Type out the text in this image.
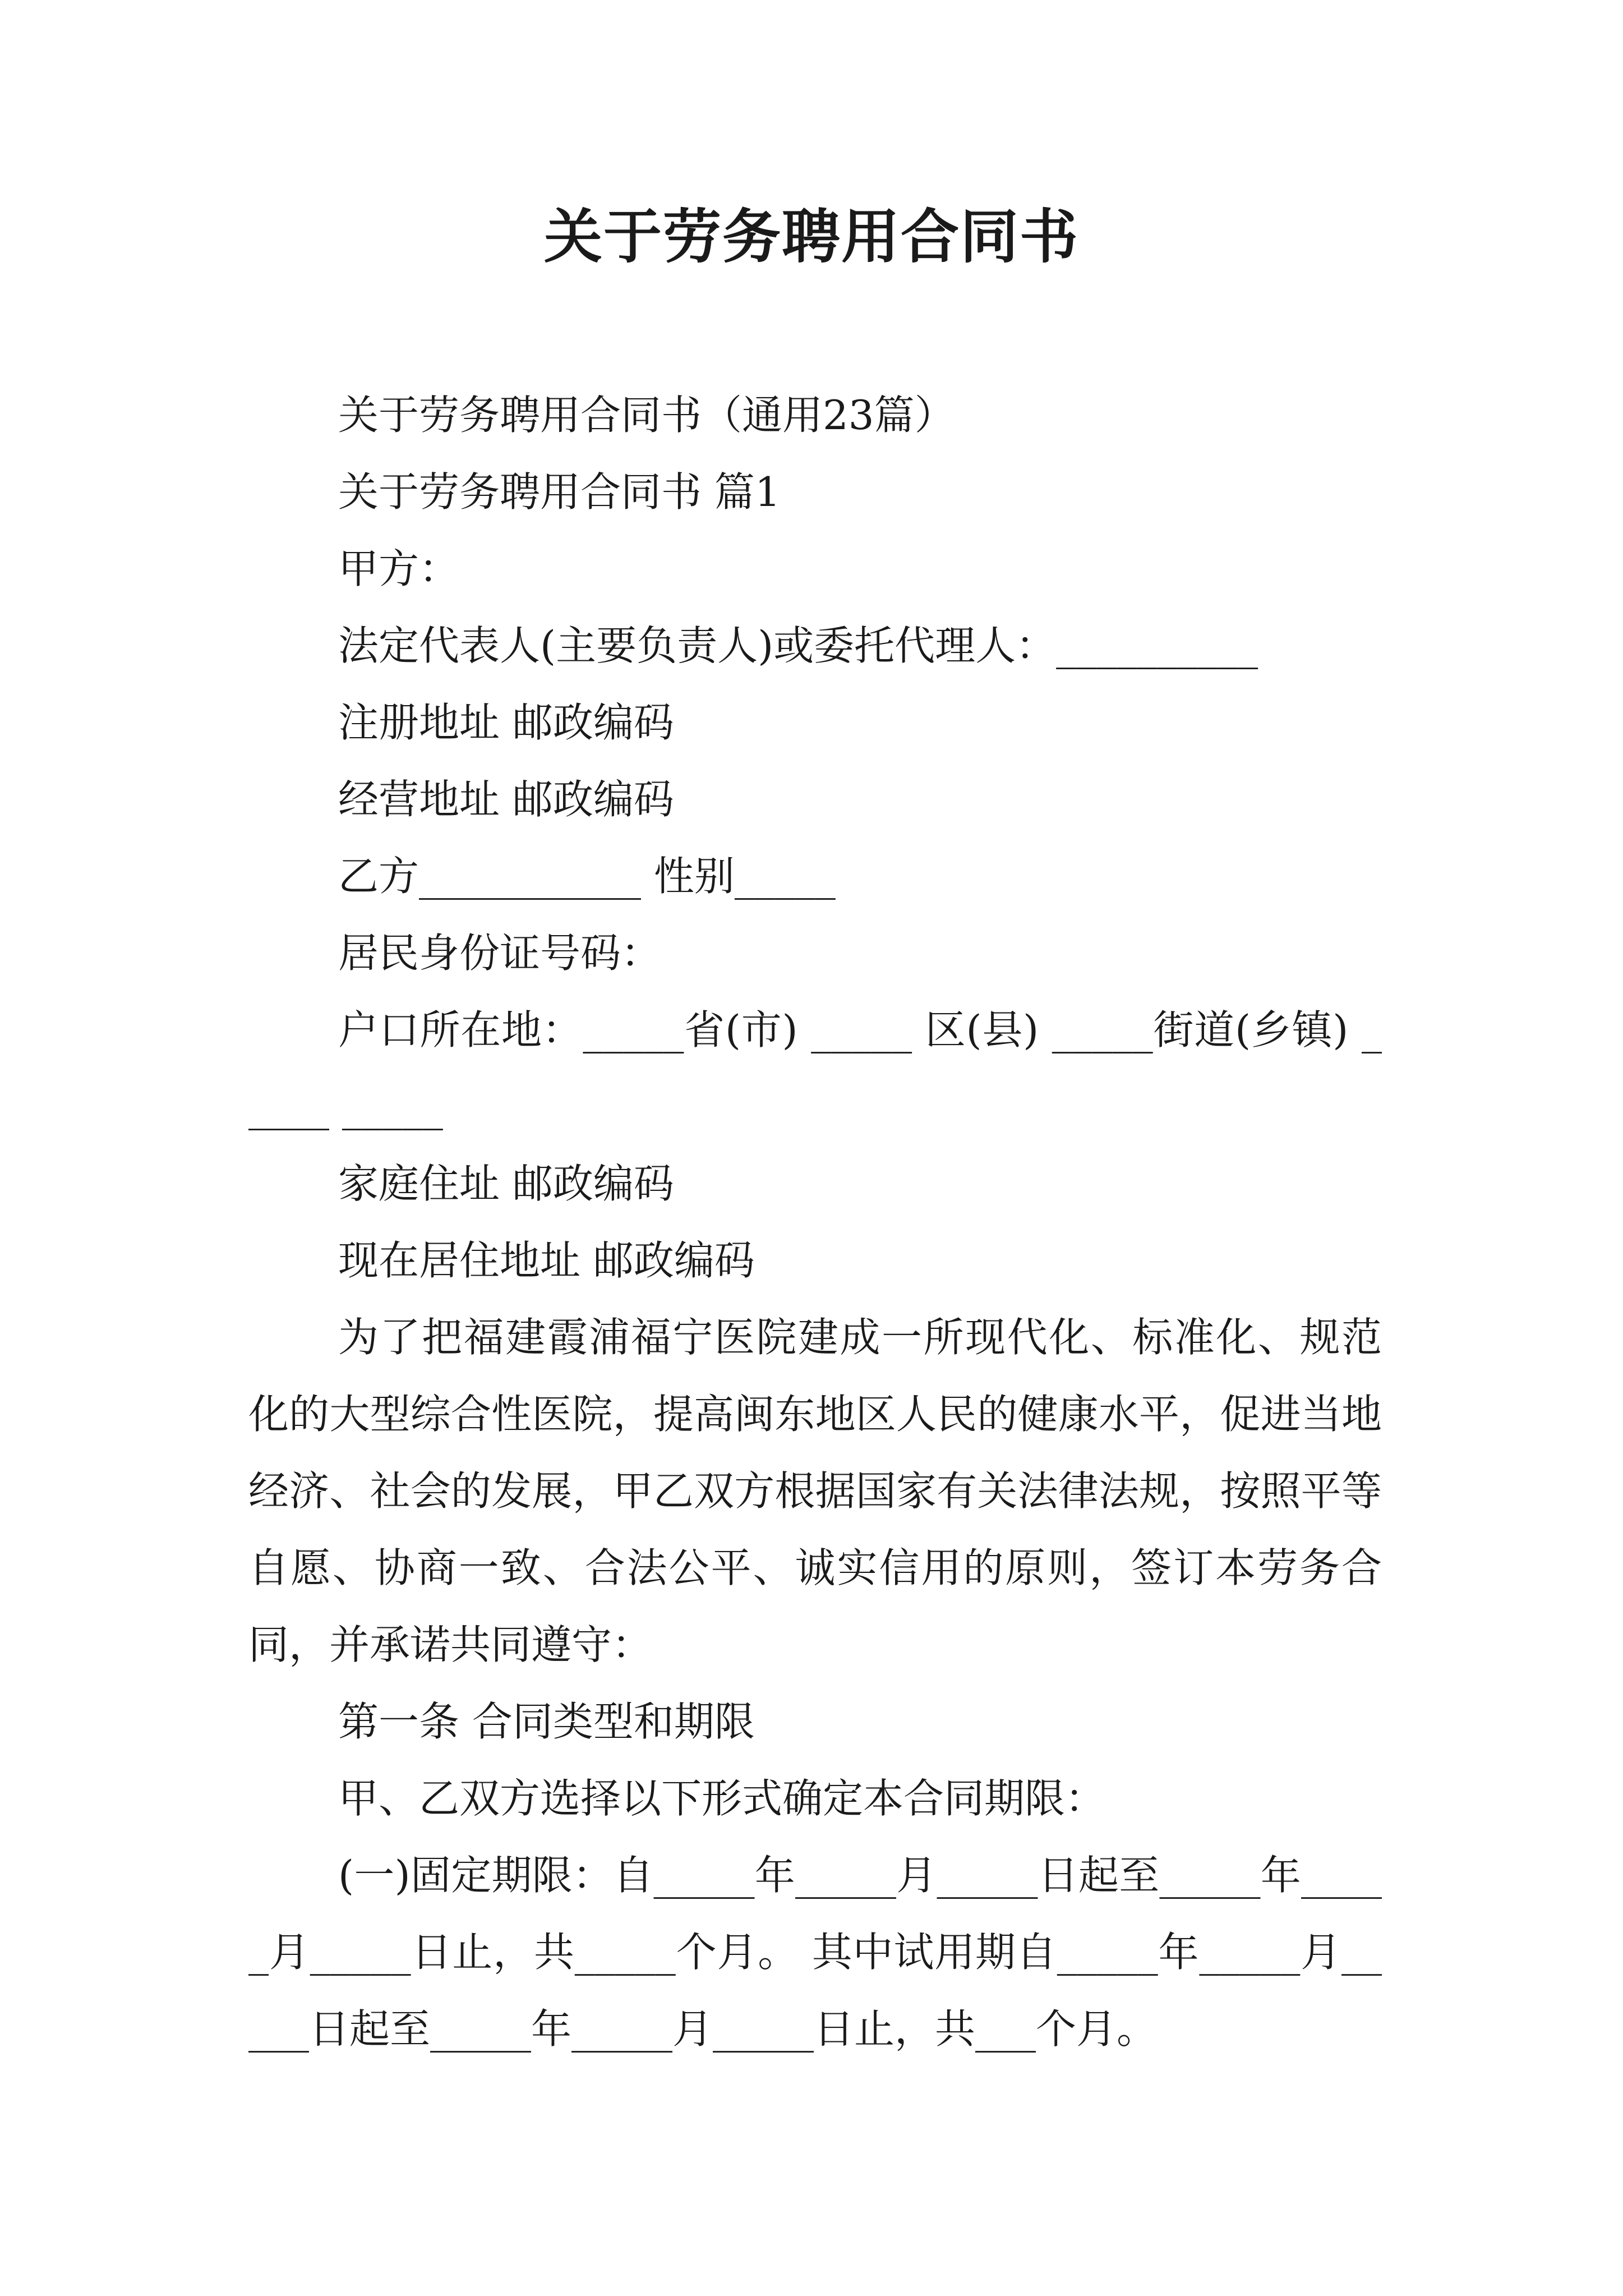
关于劳务聘用合同书

关于劳务聘用合同书（通用23篇）

关于劳务聘用合同书 篇1

甲方：

法定代表人(主要负责人)或委托代理人：__________

注册地址 邮政编码

经营地址 邮政编码

乙方___________ 性别_____

居民身份证号码：

户口所在地：_____省(市) _____ 区(县) _____街道(乡镇) _____ _____

家庭住址 邮政编码

现在居住地址 邮政编码

为了把福建霞浦福宁医院建成一所现代化、标准化、规范化的大型综合性医院，提高闽东地区人民的健康水平，促进当地经济、社会的发展，甲乙双方根据国家有关法律法规，按照平等自愿、协商一致、合法公平、诚实信用的原则，签订本劳务合同，并承诺共同遵守：

第一条 合同类型和期限

甲、乙双方选择以下形式确定本合同期限：

(一)固定期限：自_____年_____月_____日起至_____年_____月_____日止，共_____个月。 其中试用期自_____年_____月_____日起至_____年_____月_____日止，共___个月。
